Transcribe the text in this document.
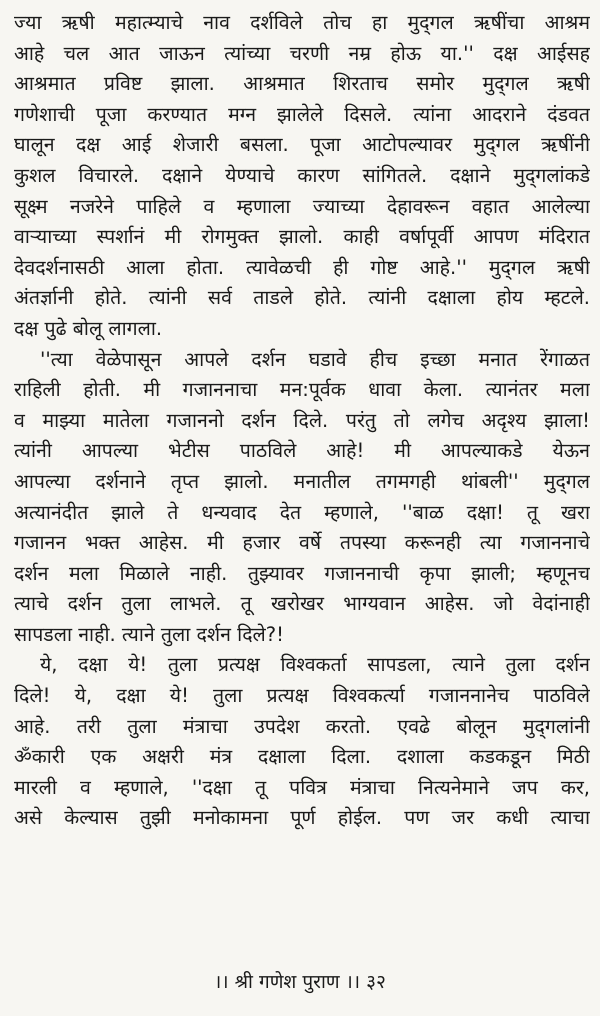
ज्या ऋषी महात्म्याचे नाव दर्शविले तोच हा मुद्‌गल ऋषींचा आश्रम
आहे चल आत जाऊन त्यांच्या चरणी नम्र होऊ या.'' दक्ष आईसह
आश्रमात प्रविष्ट झाला. आश्रमात शिरताच समोर मुद्‌गल ऋषी
गणेशाची पूजा करण्यात मग्न झालेले दिसले. त्यांना आदराने दंडवत
घालून दक्ष आई शेजारी बसला. पूजा आटोपल्यावर मुद्‌गल ऋषींनी
कुशल विचारले. दक्षाने येण्याचे कारण सांगितले. दक्षाने मुद्‌गलांकडे
सूक्ष्म नजरेने पाहिले व म्हणाला ज्याच्या देहावरून वहात आलेल्या
वाऱ्याच्या स्पर्शानं मी रोगमुक्त झालो. काही वर्षापूर्वी आपण मंदिरात
देवदर्शनासठी आला होता. त्यावेळची ही गोष्ट आहे.'' मुद्‌गल ऋषी
अंतर्ज्ञानी होते. त्यांनी सर्व ताडले होते. त्यांनी दक्षाला होय म्हटले.
दक्ष पुढे बोलू लागला.
''त्या वेळेपासून आपले दर्शन घडावे हीच इच्छा मनात रेंगाळत
राहिली होती. मी गजाननाचा मन:पूर्वक धावा केला. त्यानंतर मला
व माझ्या मातेला गजाननो दर्शन दिले. परंतु तो लगेच अदृश्य झाला!
त्यांनी आपल्या भेटीस पाठविले आहे! मी आपल्याकडे येऊन
आपल्या दर्शनाने तृप्त झालो. मनातील तगमगही थांबली'' मुद्‌गल
अत्यानंदीत झाले ते धन्यवाद देत म्हणाले, ''बाळ दक्षा! तू खरा
गजानन भक्त आहेस. मी हजार वर्षे तपस्या करूनही त्या गजाननाचे
दर्शन मला मिळाले नाही. तुझ्यावर गजाननाची कृपा झाली; म्हणूनच
त्याचे दर्शन तुला लाभले. तू खरोखर भाग्यवान आहेस. जो वेदांनाही
सापडला नाही. त्याने तुला दर्शन दिले?!
ये, दक्षा ये! तुला प्रत्यक्ष विश्वकर्ता सापडला, त्याने तुला दर्शन
दिले! ये, दक्षा ये! तुला प्रत्यक्ष विश्वकर्त्या गजाननानेच पाठविले
आहे. तरी तुला मंत्राचा उपदेश करतो. एवढे बोलून मुद्‌गलांनी
ॐकारी एक अक्षरी मंत्र दक्षाला दिला. दशाला कडकडून मिठी
मारली व म्हणाले, ''दक्षा तू पवित्र मंत्राचा नित्यनेमाने जप कर,
असे केल्यास तुझी मनोकामना पूर्ण होईल. पण जर कधी त्याचा
।। श्री गणेश पुराण ।। ३२
